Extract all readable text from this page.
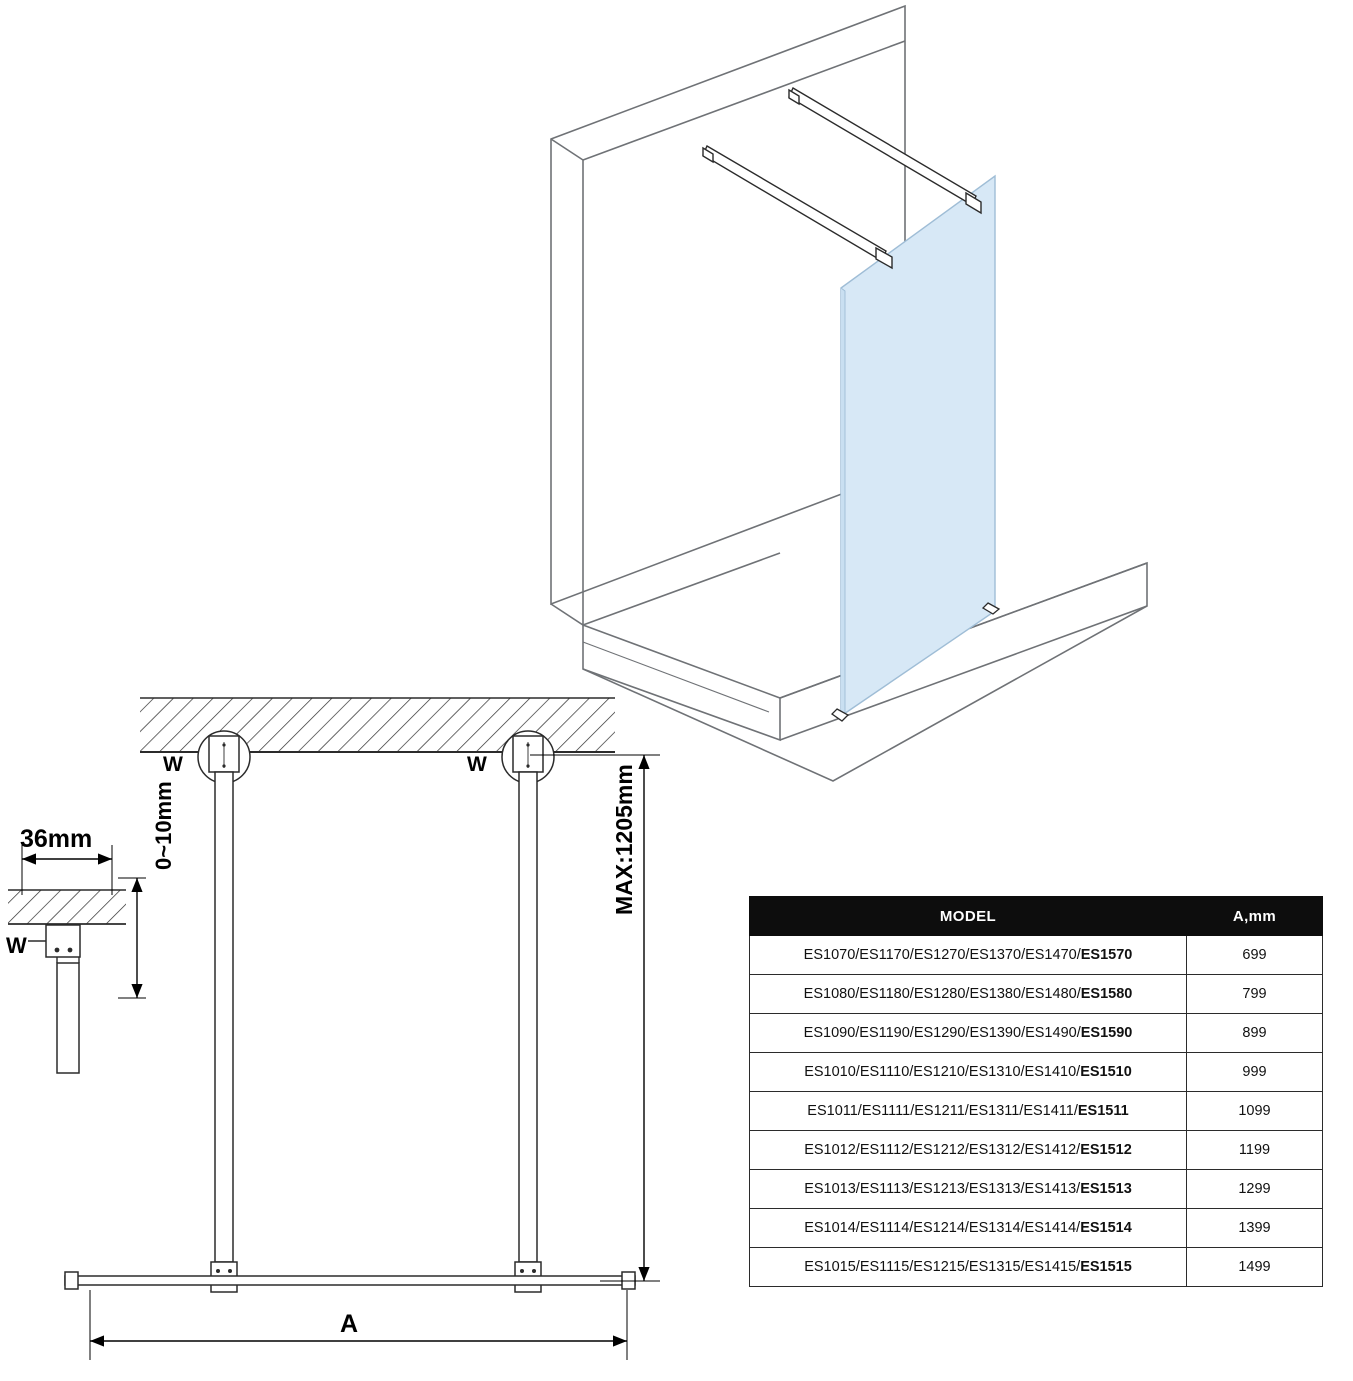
36mm
W
0~10mm
W	W	MAX:1205mm
A
MODEL	A,mm
ES1070/ES1170/ES1270/ES1370/ES1470/ES1570	699
ES1080/ES1180/ES1280/ES1380/ES1480/ES1580	799
ES1090/ES1190/ES1290/ES1390/ES1490/ES1590	899
ES1010/ES1110/ES1210/ES1310/ES1410/ES1510	999
ES1011/ES1111/ES1211/ES1311/ES1411/ES1511	1099
ES1012/ES1112/ES1212/ES1312/ES1412/ES1512	1199
ES1013/ES1113/ES1213/ES1313/ES1413/ES1513	1299
ES1014/ES1114/ES1214/ES1314/ES1414/ES1514	1399
ES1015/ES1115/ES1215/ES1315/ES1415/ES1515	1499
